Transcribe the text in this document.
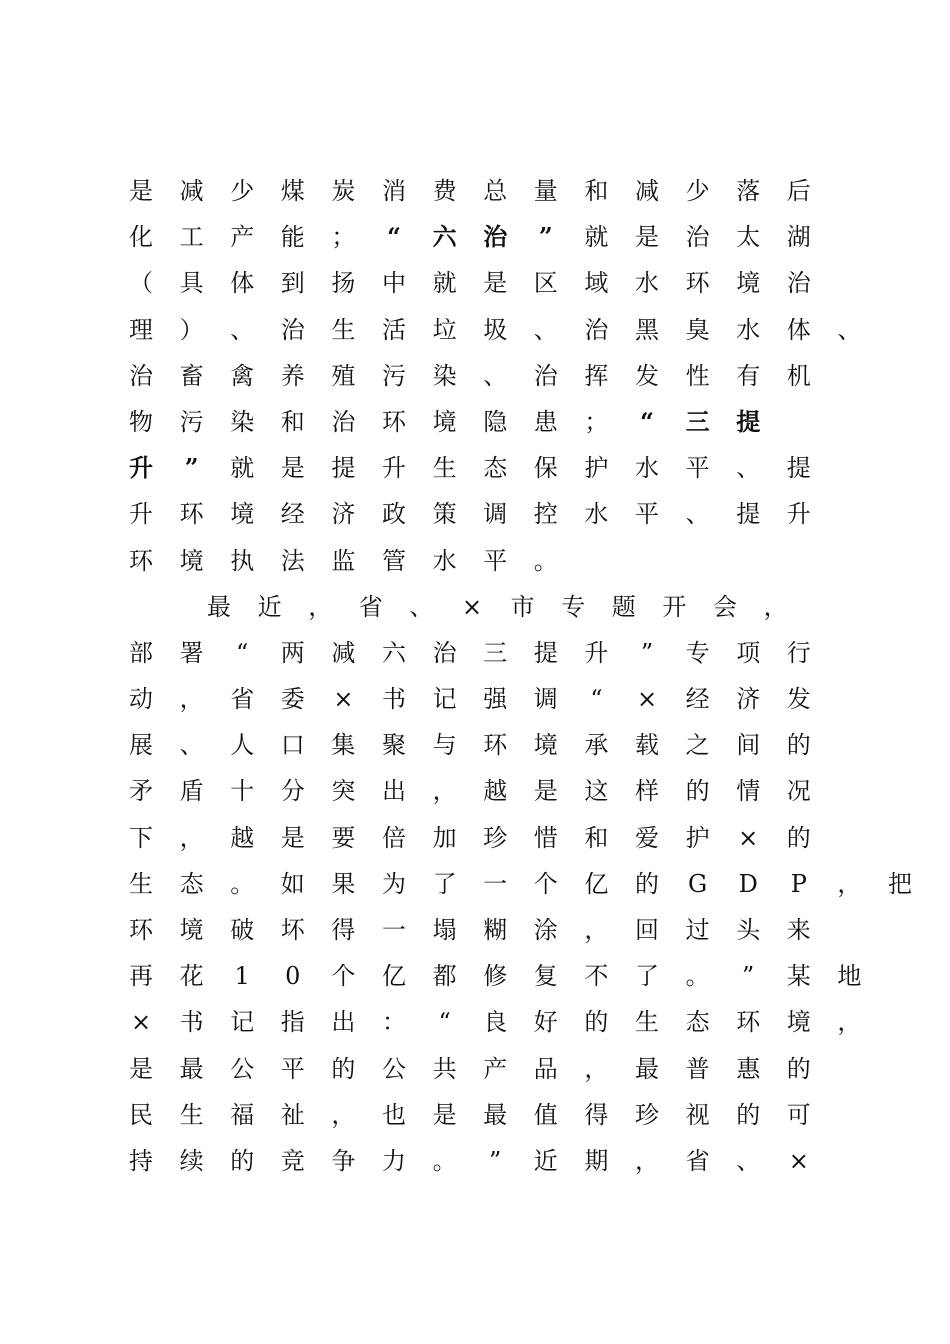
是 减 少 煤 炭 消 费 总 量 和 减 少 落 后
化 工 产 能 ； “ 六 治 ” 就 是 治 太 湖
（ 具 体 到 扬 中 就 是 区 域 水 环 境 治
理 ） 、 治 生 活 垃 圾 、 治 黑 臭 水 体 、
治 畜 禽 养 殖 污 染 、 治 挥 发 性 有 机
物 污 染 和 治 环 境 隐 患 ； “ 三 提
升 ” 就 是 提 升 生 态 保 护 水 平 、 提
升 环 境 经 济 政 策 调 控 水 平 、 提 升
环 境 执 法 监 管 水 平 。
最 近 ， 省 、 × 市 专 题 开 会 ，
部 署 “ 两 减 六 治 三 提 升 ” 专 项 行
动 ， 省 委 × 书 记 强 调 “ × 经 济 发
展 、 人 口 集 聚 与 环 境 承 载 之 间 的
矛 盾 十 分 突 出 ， 越 是 这 样 的 情 况
下 ， 越 是 要 倍 加 珍 惜 和 爱 护 × 的
生 态 。 如 果 为 了 一 个 亿 的 G D P ， 把
环 境 破 坏 得 一 塌 糊 涂 ， 回 过 头 来
再 花 1 0 个 亿 都 修 复 不 了 。 ” 某 地
× 书 记 指 出 ： “ 良 好 的 生 态 环 境 ，
是 最 公 平 的 公 共 产 品 ， 最 普 惠 的
民 生 福 祉 ， 也 是 最 值 得 珍 视 的 可
持 续 的 竞 争 力 。 ” 近 期 ， 省 、 ×
